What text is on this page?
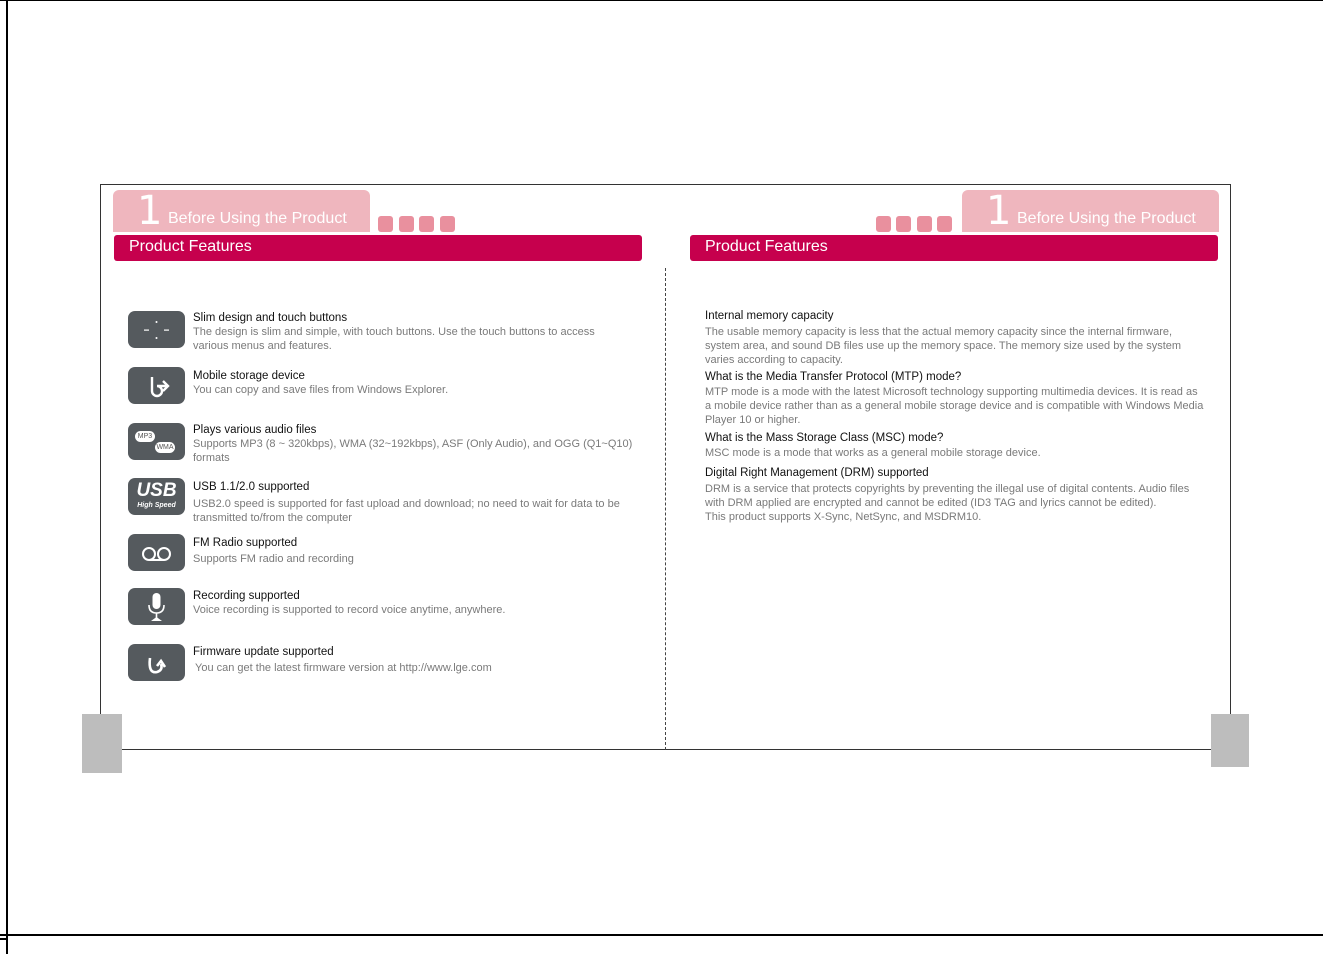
1 Before Using the Product
Product Features
1 Before Using the Product
Product Features
Slim design and touch buttons
The design is slim and simple, with touch buttons. Use the touch buttons to access various menus and features.
Mobile storage device
You can copy and save files from Windows Explorer.
MP3
WMA
Plays various audio files
Supports MP3 (8 ~ 320kbps), WMA (32~192kbps), ASF (Only Audio), and OGG (Q1~Q10) formats
USB
High Speed
USB 1.1/2.0 supported
USB2.0 speed is supported for fast upload and download; no need to wait for data to be transmitted to/from the computer
FM Radio supported
Supports FM radio and recording
Recording supported
Voice recording is supported to record voice anytime, anywhere.
Firmware update supported
You can get the latest firmware version at http://www.lge.com
Internal memory capacity
The usable memory capacity is less that the actual memory capacity since the internal firmware, system area, and sound DB files use up the memory space. The memory size used by the system varies according to capacity.
What is the Media Transfer Protocol (MTP) mode?
MTP mode is a mode with the latest Microsoft technology supporting multimedia devices. It is read as a mobile device rather than as a general mobile storage device and is compatible with Windows Media Player 10 or higher.
What is the Mass Storage Class (MSC) mode?
MSC mode is a mode that works as a general mobile storage device.
Digital Right Management (DRM) supported
DRM is a service that protects copyrights by preventing the illegal use of digital contents. Audio files with DRM applied are encrypted and cannot be edited (ID3 TAG and lyrics cannot be edited).
This product supports X-Sync, NetSync, and MSDRM10.
